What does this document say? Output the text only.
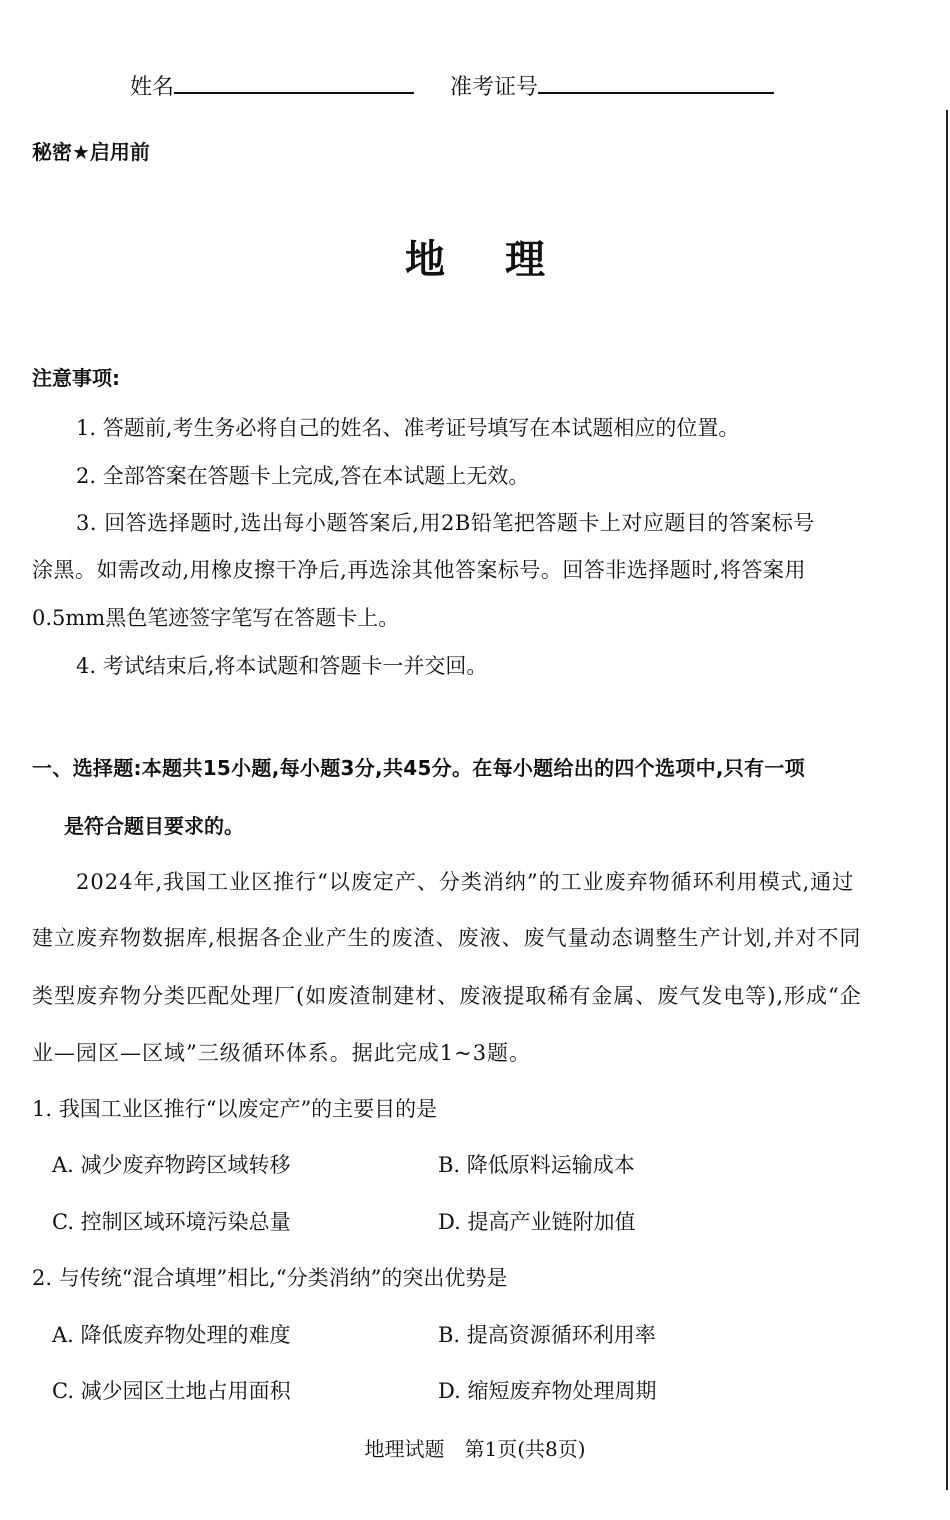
姓名	准考证号
秘密★启用前
地理
注意事项:
1. 答题前,考生务必将自己的姓名、准考证号填写在本试题相应的位置。
2. 全部答案在答题卡上完成,答在本试题上无效。
3. 回答选择题时,选出每小题答案后,用2B铅笔把答题卡上对应题目的答案标号
涂黑。如需改动,用橡皮擦干净后,再选涂其他答案标号。回答非选择题时,将答案用
0.5mm黑色笔迹签字笔写在答题卡上。
4. 考试结束后,将本试题和答题卡一并交回。
一、选择题:本题共15小题,每小题3分,共45分。在每小题给出的四个选项中,只有一项
是符合题目要求的。
2024年,我国工业区推行“以废定产、分类消纳”的工业废弃物循环利用模式,通过
建立废弃物数据库,根据各企业产生的废渣、废液、废气量动态调整生产计划,并对不同
类型废弃物分类匹配处理厂(如废渣制建材、废液提取稀有金属、废气发电等),形成“企
业—园区—区域”三级循环体系。据此完成1~3题。
1. 我国工业区推行“以废定产”的主要目的是
A. 减少废弃物跨区域转移	B. 降低原料运输成本
C. 控制区域环境污染总量	D. 提高产业链附加值
2. 与传统“混合填埋”相比,“分类消纳”的突出优势是
A. 降低废弃物处理的难度	B. 提高资源循环利用率
C. 减少园区土地占用面积	D. 缩短废弃物处理周期
地理试题　第1页(共8页)
